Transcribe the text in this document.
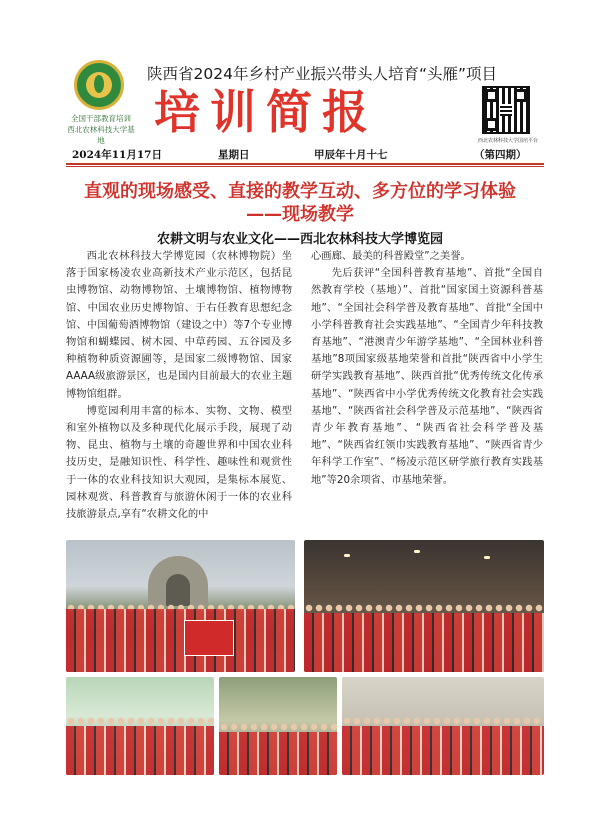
全国干部教育培训
西北农林科技大学基地
陕西省2024年乡村产业振兴带头人培育“头雁”项目
培训简报
西北农林科技大学国培平台
2024年11月17日	星期日	甲辰年十月十七	（第四期）
直观的现场感受、直接的教学互动、多方位的学习体验
——现场教学
农耕文明与农业文化——西北农林科技大学博览园

西北农林科技大学博览园（农林博物院）坐落于国家杨凌农业高新技术产业示范区，包括昆虫博物馆、动物博物馆、土壤博物馆、植物博物馆、中国农业历史博物馆、于右任教育思想纪念馆、中国葡萄酒博物馆（建设之中）等7个专业博物馆和蝴蝶园、树木园、中草药园、五谷园及多种植物种质资源圃等，是国家二级博物馆、国家AAAA级旅游景区，也是国内目前最大的农业主题博物馆组群。

博览园利用丰富的标本、实物、文物、模型和室外植物以及多种现代化展示手段，展现了动物、昆虫、植物与土壤的奇趣世界和中国农业科技历史，是融知识性、科学性、趣味性和观赏性于一体的农业科技知识大观园，是集标本展览、园林观赏、科普教育与旅游休闲于一体的农业科技旅游景点,享有“农耕文化的中

心画廊、最美的科普殿堂”之美誉。

先后获评“全国科普教育基地”、首批“全国自然教育学校（基地）”、首批“国家国土资源科普基地”、“全国社会科学普及教育基地”、首批“全国中小学科普教育社会实践基地”、“全国青少年科技教育基地”、“港澳青少年游学基地”、“全国林业科普基地”8项国家级基地荣誉和首批“陕西省中小学生研学实践教育基地”、陕西首批“优秀传统文化传承基地”、“陕西省中小学优秀传统文化教育社会实践基地”、“陕西省社会科学普及示范基地”、“陕西省青少年教育基地”、“陕西省社会科学普及基地”、“陕西省红领巾实践教育基地”、“陕西省青少年科学工作室”、“杨凌示范区研学旅行教育实践基地”等20余项省、市基地荣誉。
